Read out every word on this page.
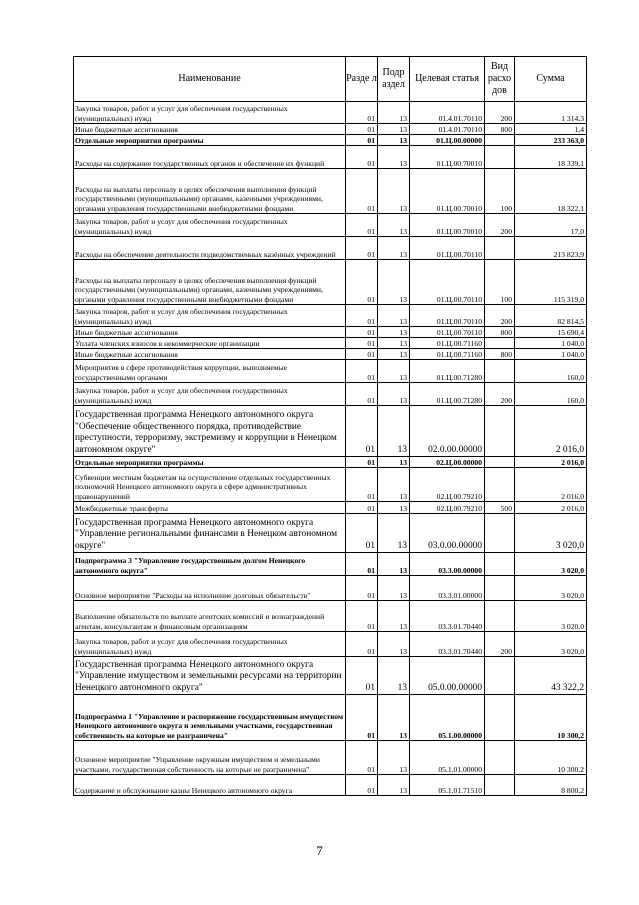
Наименование	Разде л	Подр аздел	Целевая статья	Вид расхо дов	Сумма
Закупка товаров, работ и услуг для обеспечения государственных (муниципальных) нужд	01	13	01.4.01.70110	200	1 314,3
Иные бюджетные ассигнования	01	13	01.4.01.70110	800	1,4
Отдельные мероприятия программы	01	13	01.Ц.00.00000		233 363,0
Расходы на содержание государственных органов и обеспечение их функций	01	13	01.Ц.00.70010		18 339,1
Расходы на выплаты персоналу в целях обеспечения выполнения функций государственными (муниципальными) органами, казенными учреждениями, органами управления государственными внебюджетными фондами	01	13	01.Ц.00.70010	100	18 322,1
Закупка товаров, работ и услуг для обеспечения государственных (муниципальных) нужд	01	13	01.Ц.00.70010	200	17,0
Расходы на обеспечение деятельности подведомственных казённых учреждений	01	13	01.Ц.00.70110		213 823,9
Расходы на выплаты персоналу в целях обеспечения выполнения функций государственными (муниципальными) органами, казенными учреждениями, органами управления государственными внебюджетными фондами	01	13	01.Ц.00.70110	100	115 319,0
Закупка товаров, работ и услуг для обеспечения государственных (муниципальных) нужд	01	13	01.Ц.00.70110	200	82 814,5
Иные бюджетные ассигнования	01	13	01.Ц.00.70110	800	15 690,4
Уплата членских взносов в некоммерческие организации	01	13	01.Ц.00.71160		1 040,0
Иные бюджетные ассигнования	01	13	01.Ц.00.71160	800	1 040,0
Мероприятия в сфере противодействия коррупции, выполняемые государственными органами	01	13	01.Ц.00.71280		160,0
Закупка товаров, работ и услуг для обеспечения государственных (муниципальных) нужд	01	13	01.Ц.00.71280	200	160,0
Государственная программа Ненецкого автономного округа "Обеспечение общественного порядка, противодействие преступности, терроризму, экстремизму и коррупции в Ненецком автономном округе"	01	13	02.0.00.00000		2 016,0
Отдельные мероприятия программы	01	13	02.Ц.00.00000		2 016,0
Субвенции местным бюджетам на осуществление отдельных государственных полномочий Ненецкого автономного округа в сфере административных правонарушений	01	13	02.Ц.00.79210		2 016,0
Межбюджетные трансферты	01	13	02.Ц.00.79210	500	2 016,0
Государственная программа Ненецкого автономного округа "Управление региональными финансами в Ненецком автономном округе"	01	13	03.0.00.00000		3 020,0
Подпрограмма 3 "Управление государственным долгом Ненецкого автономного округа"	01	13	03.3.00.00000		3 020,0
Основное мероприятие "Расходы на исполнение долговых обязательств"	01	13	03.3.01.00000		3 020,0
Выполнение обязательств по выплате агентских комиссий и вознаграждений агентам, консультантам и финансовым организациям	01	13	03.3.01.70440		3 020,0
Закупка товаров, работ и услуг для обеспечения государственных (муниципальных) нужд	01	13	03.3.01.70440	200	3 020,0
Государственная программа Ненецкого автономного округа "Управление имуществом и земельными ресурсами на территории Ненецкого автономного округа"	01	13	05.0.00.00000		43 322,2
Подпрограмма 1 "Управление и распоряжение государственным имуществом Ненецкого автономного округа и земельными участками, государственная собственность на которые не разграничена"	01	13	05.1.00.00000		10 300,2
Основное мероприятие "Управление окружным имуществом и земельными участками, государственная собственность на которые не разграничена"	01	13	05.1.01.00000		10 300,2
Содержание и обслуживание казны Ненецкого автономного округа	01	13	05.1.01.71510		8 800,2
7
